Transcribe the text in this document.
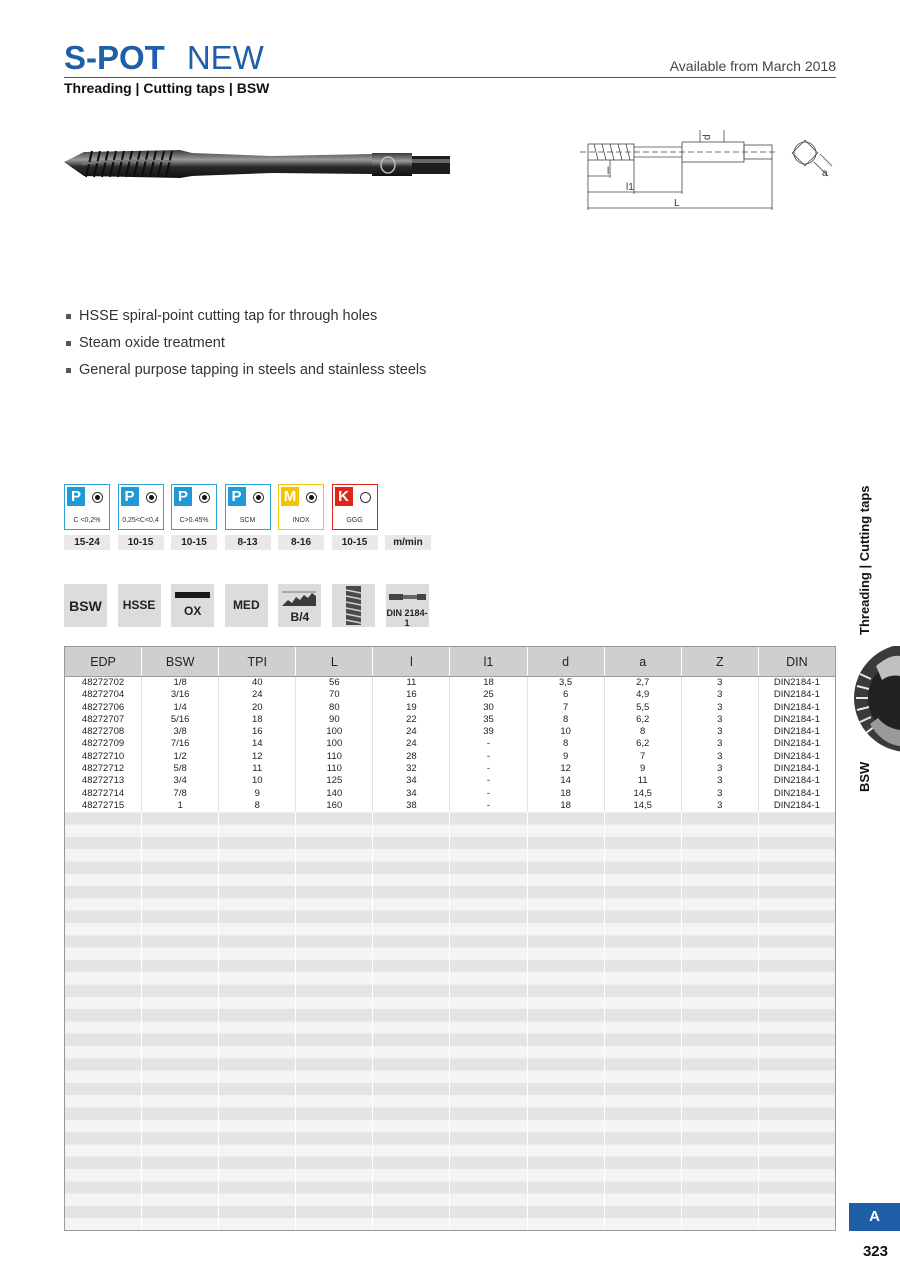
S-POT NEW	Available from March 2018
Threading | Cutting taps | BSW
d
l
l1
L
a
HSSE spiral-point cutting tap for through holes
Steam oxide treatment
General purpose tapping in steels and stainless steels
P
C <0,2%
P
0,25<C<0,4
P
C>0.45%
P
SCM
M
INOX
K
GGG
15-24	10-15	10-15	8-13	8-16	10-15	m/min
BSW	HSSE	OX	MED
B/4	DIN 2184-1
EDP	BSW	TPI	L	l	l1	d	a	Z	DIN
48272702	1/8	40	56	11	18	3,5	2,7	3	DIN2184-1
48272704	3/16	24	70	16	25	6	4,9	3	DIN2184-1
48272706	1/4	20	80	19	30	7	5,5	3	DIN2184-1
48272707	5/16	18	90	22	35	8	6,2	3	DIN2184-1
48272708	3/8	16	100	24	39	10	8	3	DIN2184-1
48272709	7/16	14	100	24	-	8	6,2	3	DIN2184-1
48272710	1/2	12	110	28	-	9	7	3	DIN2184-1
48272712	5/8	11	110	32	-	12	9	3	DIN2184-1
48272713	3/4	10	125	34	-	14	11	3	DIN2184-1
48272714	7/8	9	140	34	-	18	14,5	3	DIN2184-1
48272715	1	8	160	38	-	18	14,5	3	DIN2184-1
Threading | Cutting taps
BSW
A
323
